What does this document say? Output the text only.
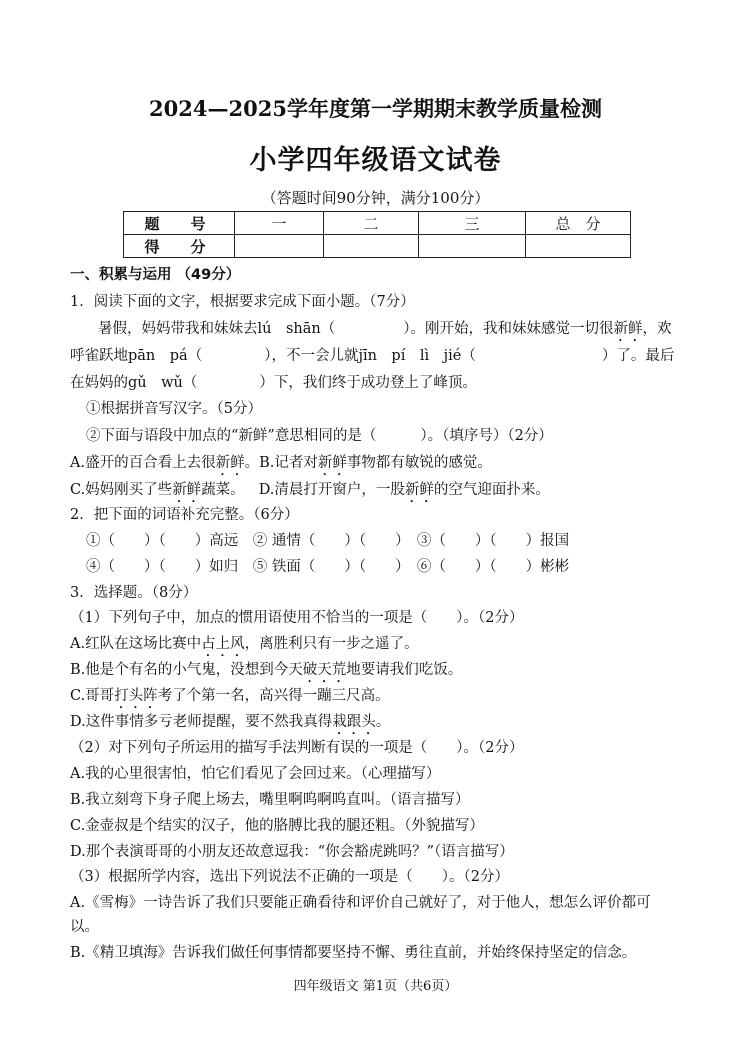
2024—2025学年度第一学期期末教学质量检测
小学四年级语文试卷
（答题时间90分钟，满分100分）
题　号	一	二	三	总　分
得　分				
一、积累与运用 （49分）
1．阅读下面的文字，根据要求完成下面小题。（7分）
暑假，妈妈带我和妹妹去lú　shān（	）。刚开始，我和妹妹感觉一切很新鲜，欢
呼雀跃地pān　pá（	），不一会儿就jīn　pí　lì　jié（	）了。最后
在妈妈的gǔ　wǔ（	）下，我们终于成功登上了峰顶。
①根据拼音写汉字。（5分）
②下面与语段中加点的“新鲜”意思相同的是（	）。（填序号）（2分）
A.盛开的百合看上去很新鲜。B.记者对新鲜事物都有敏锐的感觉。
C.妈妈刚买了些新鲜蔬菜。 D.清晨打开窗户，一股新鲜的空气迎面扑来。
2．把下面的词语补充完整。（6分）
①（　　）（　　）高远　② 通情（　　）（　　）　③（　　）（　　）报国
④（　　）（　　）如归　⑤ 铁面（　　）（　　）　⑥（　　）（　　）彬彬
3．选择题。（8分）
（1）下列句子中，加点的惯用语使用不恰当的一项是（　　）。（2分）
A.红队在这场比赛中占上风，离胜利只有一步之遥了。
B.他是个有名的小气鬼，没想到今天破天荒地要请我们吃饭。
C.哥哥打头阵考了个第一名，高兴得一蹦三尺高。
D.这件事情多亏老师提醒，要不然我真得栽跟头。
（2）对下列句子所运用的描写手法判断有误的一项是（　　）。（2分）
A.我的心里很害怕，怕它们看见了会回过来。（心理描写）
B.我立刻弯下身子爬上场去，嘴里啊呜啊呜直叫。（语言描写）
C.金壶叔是个结实的汉子，他的胳膊比我的腿还粗。（外貌描写）
D.那个表演哥哥的小朋友还故意逗我：“你会豁虎跳吗？”（语言描写）
（3）根据所学内容，选出下列说法不正确的一项是（　　）。（2分）
A.《雪梅》一诗告诉了我们只要能正确看待和评价自己就好了，对于他人，想怎么评价都可
以。
B.《精卫填海》告诉我们做任何事情都要坚持不懈、勇往直前，并始终保持坚定的信念。
四年级语文 第1页（共6页）
